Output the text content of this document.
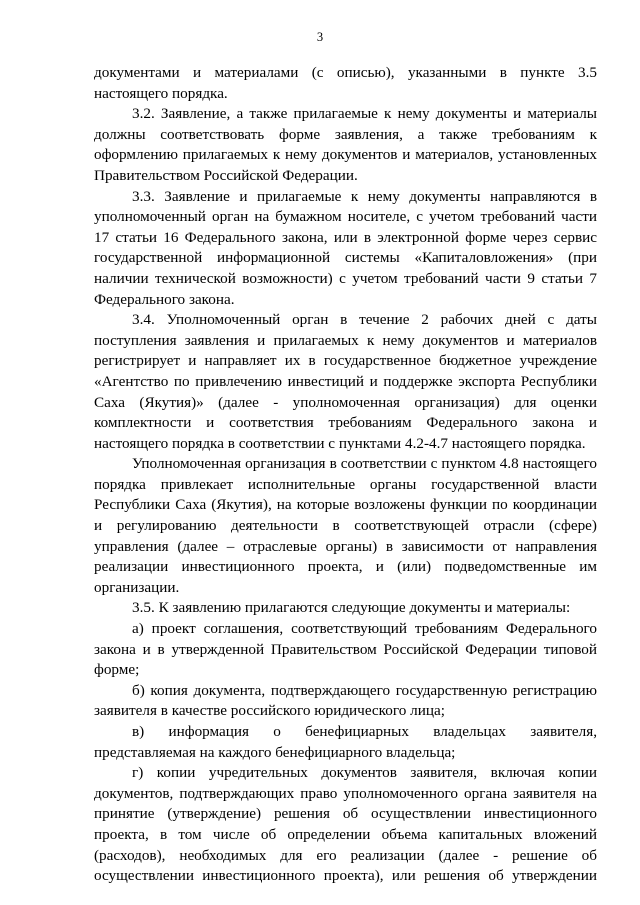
3

документами и материалами (с описью), указанными в пункте 3.5 настоящего порядка.

3.2. Заявление, а также прилагаемые к нему документы и материалы должны соответствовать форме заявления, а также требованиям к оформлению прилагаемых к нему документов и материалов, установленных Правительством Российской Федерации.

3.3. Заявление и прилагаемые к нему документы направляются в уполномоченный орган на бумажном носителе, с учетом требований части 17 статьи 16 Федерального закона, или в электронной форме через сервис государственной информационной системы «Капиталовложения» (при наличии технической возможности) с учетом требований части 9 статьи 7 Федерального закона.

3.4. Уполномоченный орган в течение 2 рабочих дней с даты поступления заявления и прилагаемых к нему документов и материалов регистрирует и направляет их в государственное бюджетное учреждение «Агентство по привлечению инвестиций и поддержке экспорта Республики Саха (Якутия)» (далее - уполномоченная организация) для оценки комплектности и соответствия требованиям Федерального закона и настоящего порядка в соответствии с пунктами 4.2-4.7 настоящего порядка.

Уполномоченная организация в соответствии с пунктом 4.8 настоящего порядка привлекает исполнительные органы государственной власти Республики Саха (Якутия), на которые возложены функции по координации и регулированию деятельности в соответствующей отрасли (сфере) управления (далее – отраслевые органы) в зависимости от направления реализации инвестиционного проекта, и (или) подведомственные им организации.

3.5. К заявлению прилагаются следующие документы и материалы:

а) проект соглашения, соответствующий требованиям Федерального закона и в утвержденной Правительством Российской Федерации типовой форме;

б) копия документа, подтверждающего государственную регистрацию заявителя в качестве российского юридического лица;

в) информация о бенефициарных владельцах заявителя, представляемая на каждого бенефициарного владельца;

г) копии учредительных документов заявителя, включая копии документов, подтверждающих право уполномоченного органа заявителя на принятие (утверждение) решения об осуществлении инвестиционного проекта, в том числе об определении объема капитальных вложений (расходов), необходимых для его реализации (далее - решение об осуществлении инвестиционного проекта), или решения об утверждении
